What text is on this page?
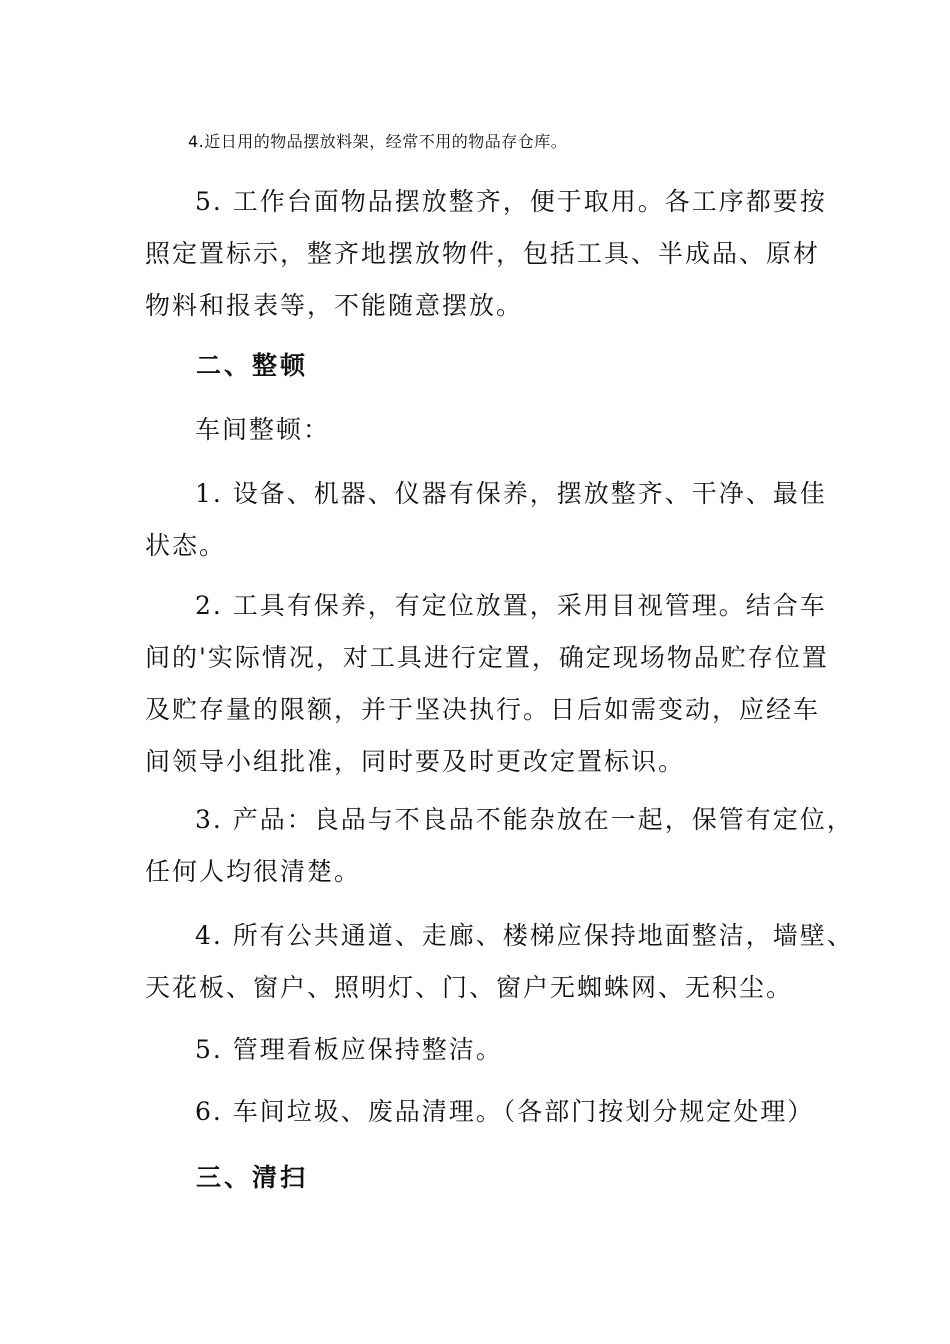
4.近日用的物品摆放料架，经常不用的物品存仓库。
5. 工作台面物品摆放整齐，便于取用。各工序都要按
照定置标示，整齐地摆放物件，包括工具、半成品、原材
物料和报表等，不能随意摆放。
二、整顿
车间整顿：
1. 设备、机器、仪器有保养，摆放整齐、干净、最佳
状态。
2. 工具有保养，有定位放置，采用目视管理。结合车
间的'实际情况，对工具进行定置，确定现场物品贮存位置
及贮存量的限额，并于坚决执行。日后如需变动，应经车
间领导小组批准，同时要及时更改定置标识。
3. 产品：良品与不良品不能杂放在一起，保管有定位，
任何人均很清楚。
4. 所有公共通道、走廊、楼梯应保持地面整洁，墙壁、
天花板、窗户、照明灯、门、窗户无蜘蛛网、无积尘。
5. 管理看板应保持整洁。
6. 车间垃圾、废品清理。（各部门按划分规定处理）
三、清扫
